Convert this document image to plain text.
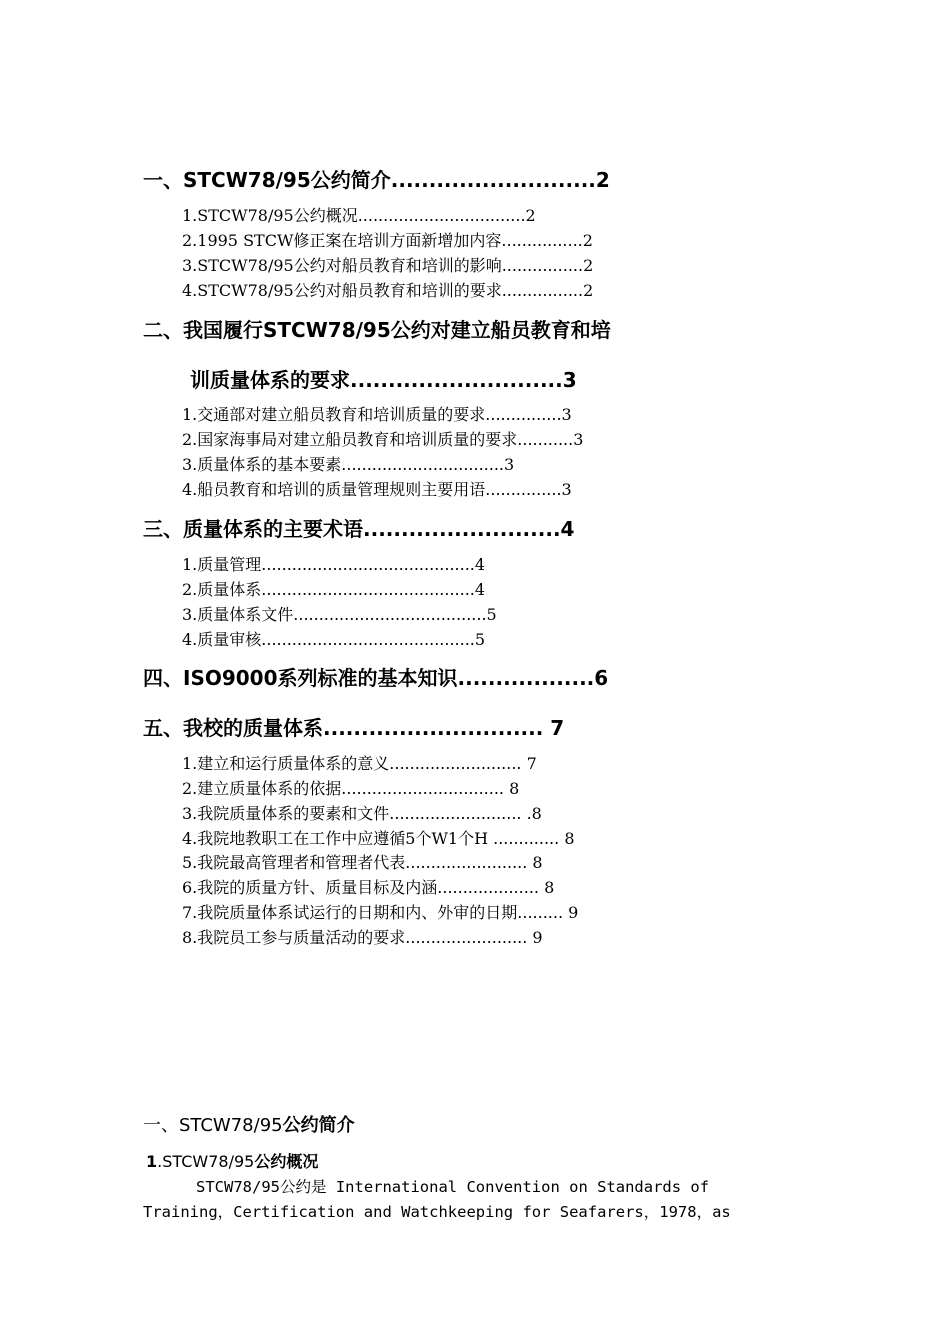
一、STCW78/95公约简介...........................2
1.STCW78/95公约概况.................................2
2.1995 STCW修正案在培训方面新增加内容................2
3.STCW78/95公约对船员教育和培训的影响................2
4.STCW78/95公约对船员教育和培训的要求................2
二、我国履行STCW78/95公约对建立船员教育和培
训质量体系的要求............................3
1.交通部对建立船员教育和培训质量的要求...............3
2.国家海事局对建立船员教育和培训质量的要求...........3
3.质量体系的基本要素................................3
4.船员教育和培训的质量管理规则主要用语...............3
三、质量体系的主要术语..........................4
1.质量管理..........................................4
2.质量体系..........................................4
3.质量体系文件......................................5
4.质量审核..........................................5
四、ISO9000系列标准的基本知识..................6
五、我校的质量体系............................. 7
1.建立和运行质量体系的意义.......................... 7
2.建立质量体系的依据................................ 8
3.我院质量体系的要素和文件.......................... .8
4.我院地教职工在工作中应遵循5个W1个H ............. 8
5.我院最高管理者和管理者代表........................ 8
6.我院的质量方针、质量目标及内涵.................... 8
7.我院质量体系试运行的日期和内、外审的日期......... 9
8.我院员工参与质量活动的要求........................ 9
一、STCW78/95公约简介
1.STCW78/95公约概况
STCW78/95公约是 International Convention on Standards of
Training，Certification and Watchkeeping for Seafarers，1978，as
